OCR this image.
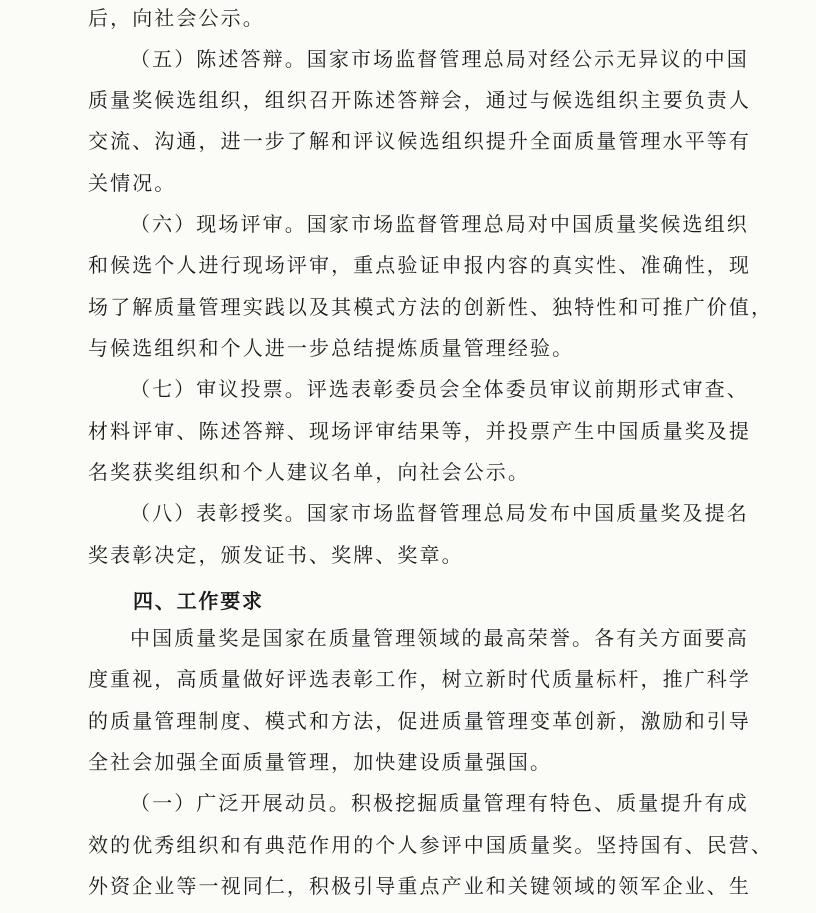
后，向社会公示。
（五）陈述答辩。国家市场监督管理总局对经公示无异议的中国
质量奖候选组织，组织召开陈述答辩会，通过与候选组织主要负责人
交流、沟通，进一步了解和评议候选组织提升全面质量管理水平等有
关情况。
（六）现场评审。国家市场监督管理总局对中国质量奖候选组织
和候选个人进行现场评审，重点验证申报内容的真实性、准确性，现
场了解质量管理实践以及其模式方法的创新性、独特性和可推广价值，
与候选组织和个人进一步总结提炼质量管理经验。
（七）审议投票。评选表彰委员会全体委员审议前期形式审查、
材料评审、陈述答辩、现场评审结果等，并投票产生中国质量奖及提
名奖获奖组织和个人建议名单，向社会公示。
（八）表彰授奖。国家市场监督管理总局发布中国质量奖及提名
奖表彰决定，颁发证书、奖牌、奖章。
四、工作要求
中国质量奖是国家在质量管理领域的最高荣誉。各有关方面要高
度重视，高质量做好评选表彰工作，树立新时代质量标杆，推广科学
的质量管理制度、模式和方法，促进质量管理变革创新，激励和引导
全社会加强全面质量管理，加快建设质量强国。
（一）广泛开展动员。积极挖掘质量管理有特色、质量提升有成
效的优秀组织和有典范作用的个人参评中国质量奖。坚持国有、民营、
外资企业等一视同仁，积极引导重点产业和关键领域的领军企业、生
